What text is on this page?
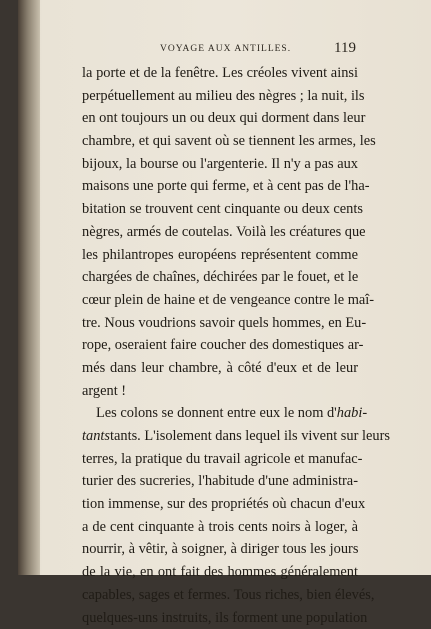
VOYAGE AUX ANTILLES.	119
la porte et de la fenêtre. Les créoles vivent ainsi
perpétuellement au milieu des nègres ; la nuit, ils
en ont toujours un ou deux qui dorment dans leur
chambre, et qui savent où se tiennent les armes, les
bijoux, la bourse ou l'argenterie. Il n'y a pas aux
maisons une porte qui ferme, et à cent pas de l'ha-
bitation se trouvent cent cinquante ou deux cents
nègres, armés de coutelas. Voilà les créatures que
les philantropes européens représentent comme
chargées de chaînes, déchirées par le fouet, et le
cœur plein de haine et de vengeance contre le maî-
tre. Nous voudrions savoir quels hommes, en Eu-
rope, oseraient faire coucher des domestiques ar-
més dans leur chambre, à côté d'eux et de leur
argent !
Les colons se donnent entre eux le nom d'habi-
tantstants. L'isolement dans lequel ils vivent sur leurs
terres, la pratique du travail agricole et manufac-
turier des sucreries, l'habitude d'une administra-
tion immense, sur des propriétés où chacun d'eux
a de cent cinquante à trois cents noirs à loger, à
nourrir, à vêtir, à soigner, à diriger tous les jours
de la vie, en ont fait des hommes généralement
capables, sages et fermes. Tous riches, bien élevés,
quelques-uns instruits, ils forment une population
